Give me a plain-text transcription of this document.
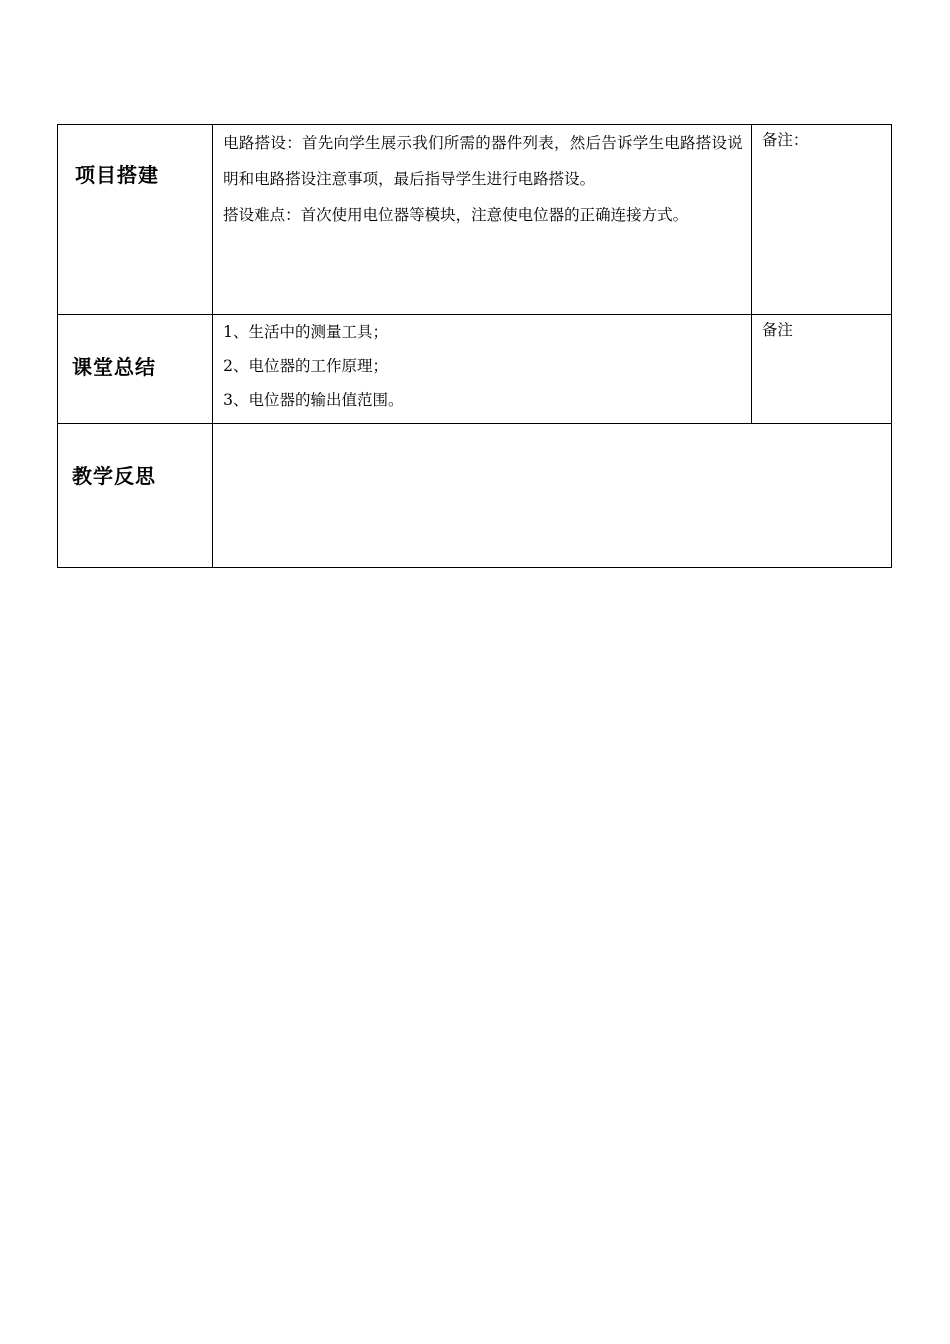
项目搭建	电路搭设：首先向学生展示我们所需的器件列表，然后告诉学生电路搭设说明和电路搭设注意事项，最后指导学生进行电路搭设。
搭设难点：首次使用电位器等模块，注意使电位器的正确连接方式。	备注：

课堂总结	1、生活中的测量工具；
2、电位器的工作原理；
3、电位器的输出值范围。	备注

教学反思		
